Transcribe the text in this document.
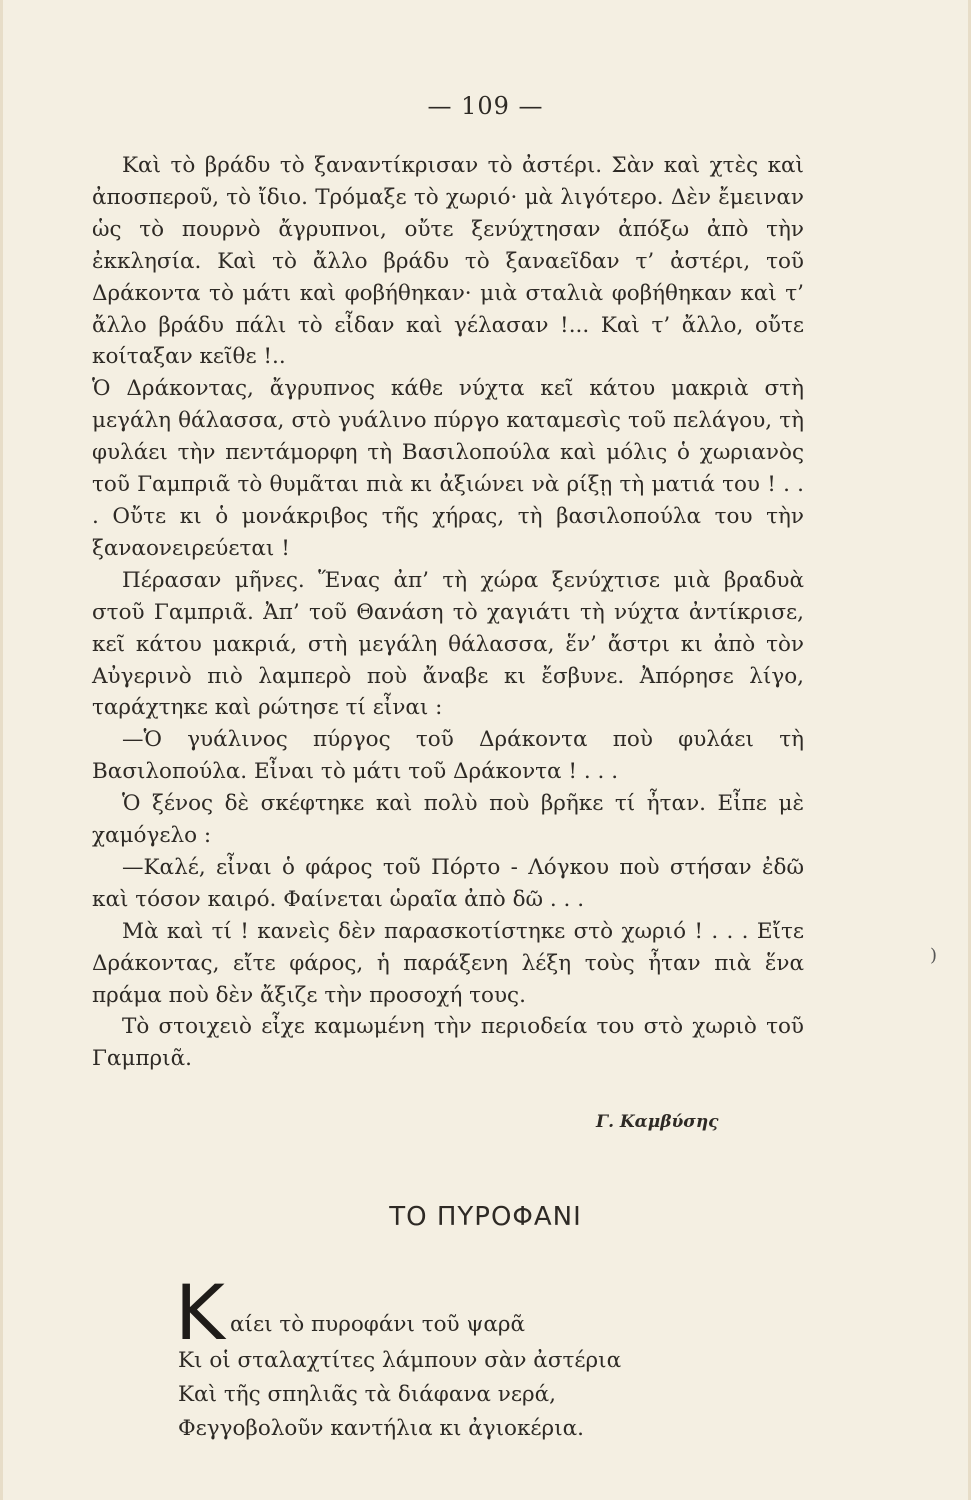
— 109 —

Καὶ τὸ βράδυ τὸ ξαναντίκρισαν τὸ ἀστέρι. Σὰν καὶ χτὲς καὶ ἀποσπεροῦ, τὸ ἴδιο. Τρόμαξε τὸ χωριό· μὰ λιγότερο. Δὲν ἔμειναν ὡς τὸ πουρνὸ ἄγρυπνοι, οὔτε ξενύχτησαν ἀπόξω ἀπὸ τὴν ἐκκλησία. Καὶ τὸ ἄλλο βράδυ τὸ ξαναεῖδαν τ’ ἀστέρι, τοῦ Δράκοντα τὸ μάτι καὶ φοβήθηκαν· μιὰ σταλιὰ φοβήθηκαν καὶ τ’ ἄλλο βράδυ πάλι τὸ εἶδαν καὶ γέλασαν !... Καὶ τ’ ἄλλο, οὔτε κοίταξαν κεῖθε !..

Ὁ Δράκοντας, ἄγρυπνος κάθε νύχτα κεῖ κάτου μακριὰ στὴ μεγάλη θάλασσα, στὸ γυάλινο πύργο καταμεσὶς τοῦ πελάγου, τὴ φυλάει τὴν πεντάμορφη τὴ Βασιλοπούλα καὶ μόλις ὁ χωριανὸς τοῦ Γαμπριᾶ τὸ θυμᾶται πιὰ κι ἀξιώνει νὰ ρίξῃ τὴ ματιά του ! . . . Οὔτε κι ὁ μονάκριβος τῆς χήρας, τὴ βασιλοπούλα του τὴν ξαναονειρεύεται !

Πέρασαν μῆνες. Ἕνας ἀπ’ τὴ χώρα ξενύχτισε μιὰ βραδυὰ στοῦ Γαμπριᾶ. Ἀπ’ τοῦ Θανάση τὸ χαγιάτι τὴ νύχτα ἀντίκρισε, κεῖ κάτου μακριά, στὴ μεγάλη θάλασσα, ἕν’ ἄστρι κι ἀπὸ τὸν Αὐγερινὸ πιὸ λαμπερὸ ποὺ ἄναβε κι ἔσβυνε. Ἀπόρησε λίγο, ταράχτηκε καὶ ρώτησε τί εἶναι :

—Ὁ γυάλινος πύργος τοῦ Δράκοντα ποὺ φυλάει τὴ Βασιλοπούλα. Εἶναι τὸ μάτι τοῦ Δράκοντα ! . . .

Ὁ ξένος δὲ σκέφτηκε καὶ πολὺ ποὺ βρῆκε τί ἦταν. Εἶπε μὲ χαμόγελο :

—Καλέ, εἶναι ὁ φάρος τοῦ Πόρτο - Λόγκου ποὺ στήσαν ἐδῶ καὶ τόσον καιρό. Φαίνεται ὡραῖα ἀπὸ δῶ . . .

Μὰ καὶ τί ! κανεὶς δὲν παρασκοτίστηκε στὸ χωριό ! . . . Εἴτε Δράκοντας, εἴτε φάρος, ἡ παράξενη λέξη τοὺς ἦταν πιὰ ἕνα πράμα ποὺ δὲν ἄξιζε τὴν προσοχή τους.

Τὸ στοιχειὸ εἶχε καμωμένη τὴν περιοδεία του στὸ χωριὸ τοῦ Γαμπριᾶ.

)
Γ. Καμβύσης
ΤΟ ΠΥΡΟΦΑΝΙ
Κ αίει τὸ πυροφάνι τοῦ ψαρᾶ
Κι οἱ σταλαχτίτες λάμπουν σὰν ἀστέρια
Καὶ τῆς σπηλιᾶς τὰ διάφανα νερά,
Φεγγοβολοῦν καντήλια κι ἀγιοκέρια.
